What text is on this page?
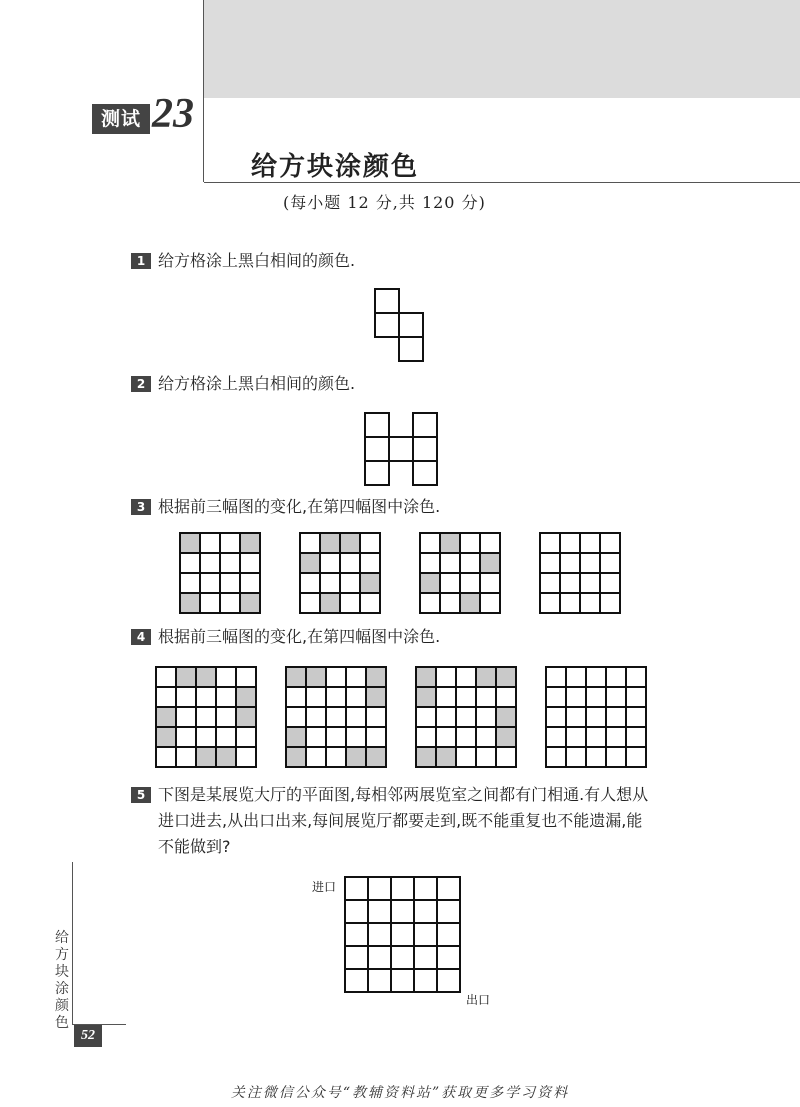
测试 23
给方块涂颜色
(每小题 12 分,共 120 分)
1 给方格涂上黑白相间的颜色.
2 给方格涂上黑白相间的颜色.
3 根据前三幅图的变化,在第四幅图中涂色.
4 根据前三幅图的变化,在第四幅图中涂色.
5 下图是某展览大厅的平面图,每相邻两展览室之间都有门相通.有人想从
进口进去,从出口出来,每间展览厅都要走到,既不能重复也不能遗漏,能
不能做到?
进口
出口
给方块涂颜色
52
关注微信公众号“教辅资料站”获取更多学习资料
